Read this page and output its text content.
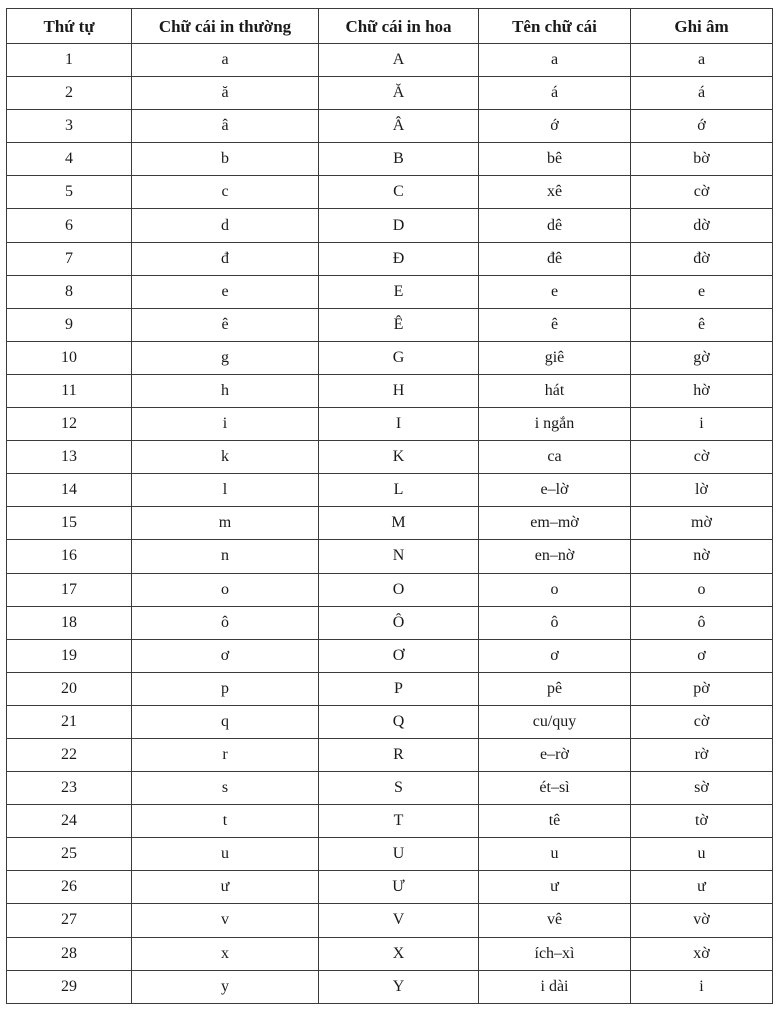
Thứ tự	Chữ cái in thường	Chữ cái in hoa	Tên chữ cái	Ghi âm
1	a	A	a	a
2	ă	Ă	á	á
3	â	Â	ớ	ớ
4	b	B	bê	bờ
5	c	C	xê	cờ
6	d	D	dê	dờ
7	đ	Đ	đê	đờ
8	e	E	e	e
9	ê	Ê	ê	ê
10	g	G	giê	gờ
11	h	H	hát	hờ
12	i	I	i ngắn	i
13	k	K	ca	cờ
14	l	L	e–lờ	lờ
15	m	M	em–mờ	mờ
16	n	N	en–nờ	nờ
17	o	O	o	o
18	ô	Ô	ô	ô
19	ơ	Ơ	ơ	ơ
20	p	P	pê	pờ
21	q	Q	cu/quy	cờ
22	r	R	e–rờ	rờ
23	s	S	ét–sì	sờ
24	t	T	tê	tờ
25	u	U	u	u
26	ư	Ư	ư	ư
27	v	V	vê	vờ
28	x	X	ích–xì	xờ
29	y	Y	i dài	i
